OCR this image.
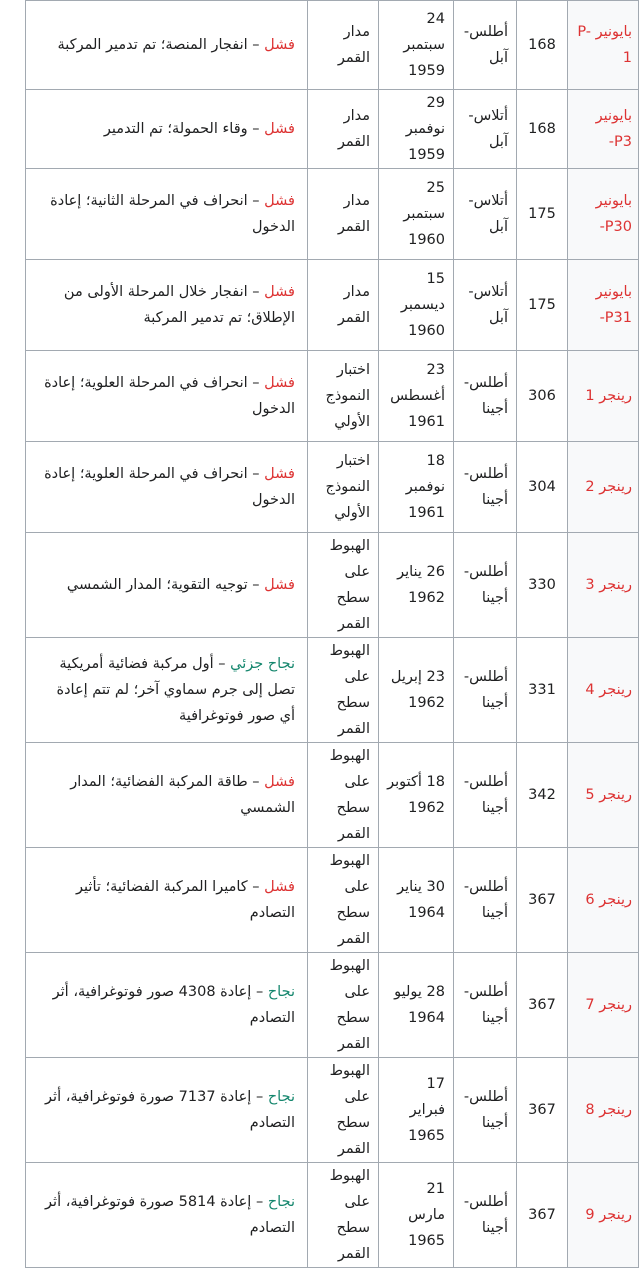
بايونير P-1	168	أطلس-آبل	24 سبتمبر 1959	مدار القمر	فشل – انفجار المنصة؛ تم تدمير المركبة
بايونير P3-	168	أتلاس-آبل	29 نوفمبر 1959	مدار القمر	فشل – وقاء الحمولة؛ تم التدمير
بايونير P30-	175	أتلاس-آبل	25 سبتمبر 1960	مدار القمر	فشل – انحراف في المرحلة الثانية؛ إعادة الدخول
بايونير P31-	175	أتلاس-آبل	15 ديسمبر 1960	مدار القمر	فشل – انفجار خلال المرحلة الأولى من الإطلاق؛ تم تدمير المركبة
رينجر 1	306	أطلس-أجينا	23 أغسطس 1961	اختبار النموذج الأولي	فشل – انحراف في المرحلة العلوية؛ إعادة الدخول
رينجر 2	304	أطلس-أجينا	18 نوفمبر 1961	اختبار النموذج الأولي	فشل – انحراف في المرحلة العلوية؛ إعادة الدخول
رينجر 3	330	أطلس-أجينا	26 يناير 1962	الهبوط على سطح القمر	فشل – توجيه التقوية؛ المدار الشمسي
رينجر 4	331	أطلس-أجينا	23 إبريل 1962	الهبوط على سطح القمر	نجاح جزئي – أول مركبة فضائية أمريكية تصل إلى جرم سماوي آخر؛ لم تتم إعادة أي صور فوتوغرافية
رينجر 5	342	أطلس-أجينا	18 أكتوبر 1962	الهبوط على سطح القمر	فشل – طاقة المركبة الفضائية؛ المدار الشمسي
رينجر 6	367	أطلس-أجينا	30 يناير 1964	الهبوط على سطح القمر	فشل – كاميرا المركبة الفضائية؛ تأثير التصادم
رينجر 7	367	أطلس-أجينا	28 يوليو 1964	الهبوط على سطح القمر	نجاح – إعادة 4308 صور فوتوغرافية، أثر التصادم
رينجر 8	367	أطلس-أجينا	17 فبراير 1965	الهبوط على سطح القمر	نجاح – إعادة 7137 صورة فوتوغرافية، أثر التصادم
رينجر 9	367	أطلس-أجينا	21 مارس 1965	الهبوط على سطح القمر	نجاح – إعادة 5814 صورة فوتوغرافية، أثر التصادم
